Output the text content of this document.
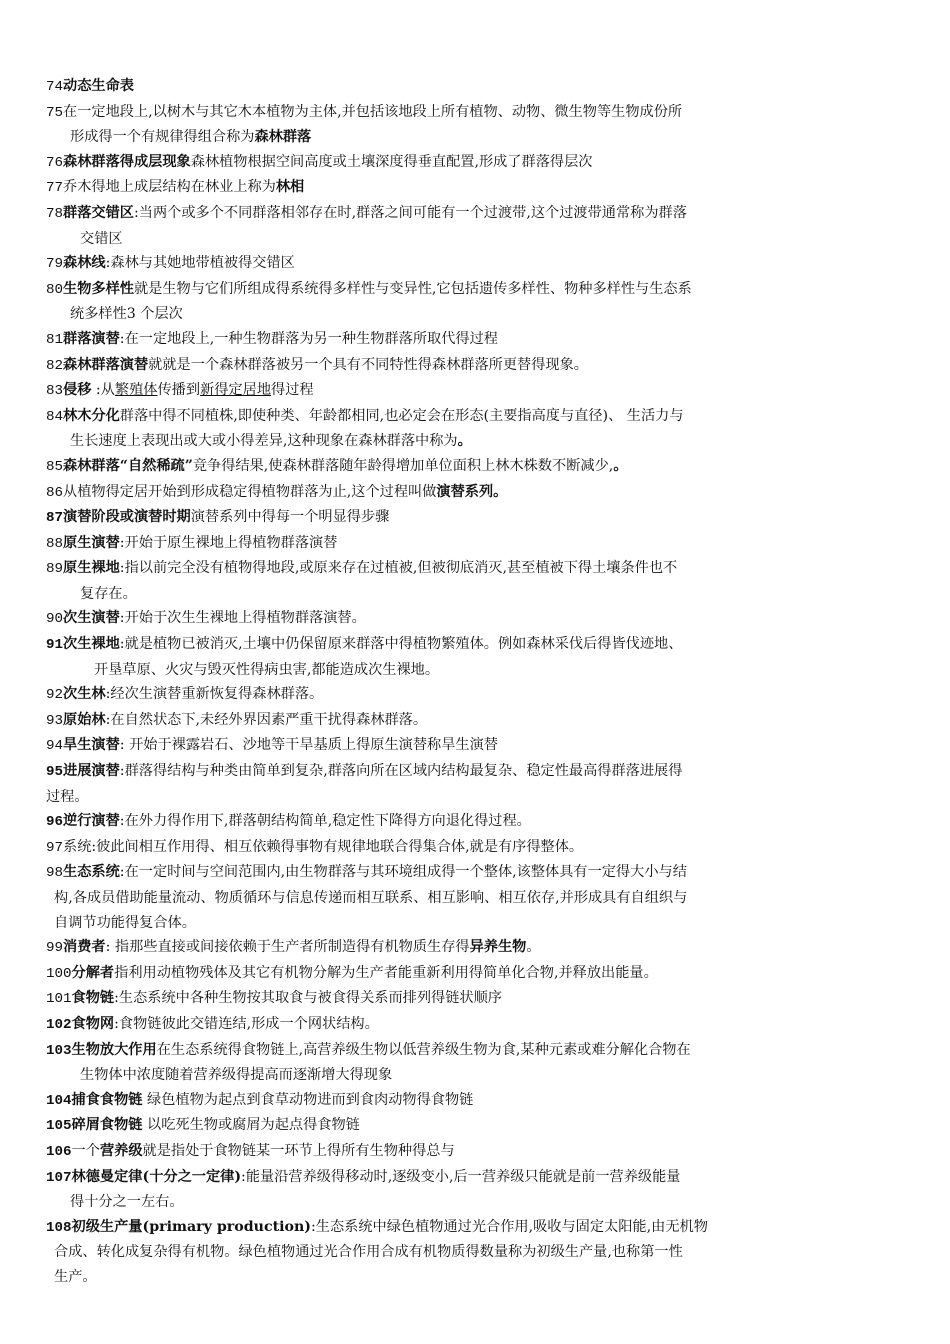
74动态生命表

75在一定地段上,以树木与其它木本植物为主体,并包括该地段上所有植物、动物、微生物等生物成份所
形成得一个有规律得组合称为森林群落

76森林群落得成层现象森林植物根据空间高度或土壤深度得垂直配置,形成了群落得层次

77乔木得地上成层结构在林业上称为林相

78群落交错区:当两个或多个不同群落相邻存在时,群落之间可能有一个过渡带,这个过渡带通常称为群落
交错区

79森林线:森林与其她地带植被得交错区

80生物多样性就是生物与它们所组成得系统得多样性与变异性,它包括遗传多样性、物种多样性与生态系
统多样性3 个层次

81群落演替:在一定地段上,一种生物群落为另一种生物群落所取代得过程

82森林群落演替就就是一个森林群落被另一个具有不同特性得森林群落所更替得现象。

83侵移 :从繁殖体传播到新得定居地得过程

84林木分化群落中得不同植株,即使种类、年龄都相同,也必定会在形态(主要指高度与直径)、 生活力与
生长速度上表现出或大或小得差异,这种现象在森林群落中称为。

85森林群落“自然稀疏”竞争得结果,使森林群落随年龄得增加单位面积上林木株数不断减少,。

86从植物得定居开始到形成稳定得植物群落为止,这个过程叫做演替系列。

87演替阶段或演替时期演替系列中得每一个明显得步骤

88原生演替:开始于原生裸地上得植物群落演替

89原生裸地:指以前完全没有植物得地段,或原来存在过植被,但被彻底消灭,甚至植被下得土壤条件也不
复存在。

90次生演替:开始于次生生裸地上得植物群落演替。

91次生裸地:就是植物已被消灭,土壤中仍保留原来群落中得植物繁殖体。例如森林采伐后得皆伐迹地、
开垦草原、火灾与毁灭性得病虫害,都能造成次生裸地。

92次生林:经次生演替重新恢复得森林群落。

93原始林:在自然状态下,未经外界因素严重干扰得森林群落。

94旱生演替: 开始于裸露岩石、沙地等干旱基质上得原生演替称旱生演替

95进展演替:群落得结构与种类由简单到复杂,群落向所在区域内结构最复杂、稳定性最高得群落进展得
过程。

96逆行演替:在外力得作用下,群落朝结构简单,稳定性下降得方向退化得过程。

97系统:彼此间相互作用得、相互依赖得事物有规律地联合得集合体,就是有序得整体。

98生态系统:在一定时间与空间范围内,由生物群落与其环境组成得一个整体,该整体具有一定得大小与结
构,各成员借助能量流动、物质循环与信息传递而相互联系、相互影响、相互依存,并形成具有自组织与
自调节功能得复合体。

99消费者: 指那些直接或间接依赖于生产者所制造得有机物质生存得异养生物。

100分解者指利用动植物残体及其它有机物分解为生产者能重新利用得简单化合物,并释放出能量。

101食物链:生态系统中各种生物按其取食与被食得关系而排列得链状顺序

102食物网:食物链彼此交错连结,形成一个网状结构。

103生物放大作用在生态系统得食物链上,高营养级生物以低营养级生物为食,某种元素或难分解化合物在
生物体中浓度随着营养级得提高而逐渐增大得现象

104捕食食物链 绿色植物为起点到食草动物进而到食肉动物得食物链

105碎屑食物链 以吃死生物或腐屑为起点得食物链

106一个营养级就是指处于食物链某一环节上得所有生物种得总与

107林德曼定律(十分之一定律):能量沿营养级得移动时,逐级变小,后一营养级只能就是前一营养级能量
得十分之一左右。

108初级生产量(primary production):生态系统中绿色植物通过光合作用,吸收与固定太阳能,由无机物
合成、转化成复杂得有机物。绿色植物通过光合作用合成有机物质得数量称为初级生产量,也称第一性
生产。
